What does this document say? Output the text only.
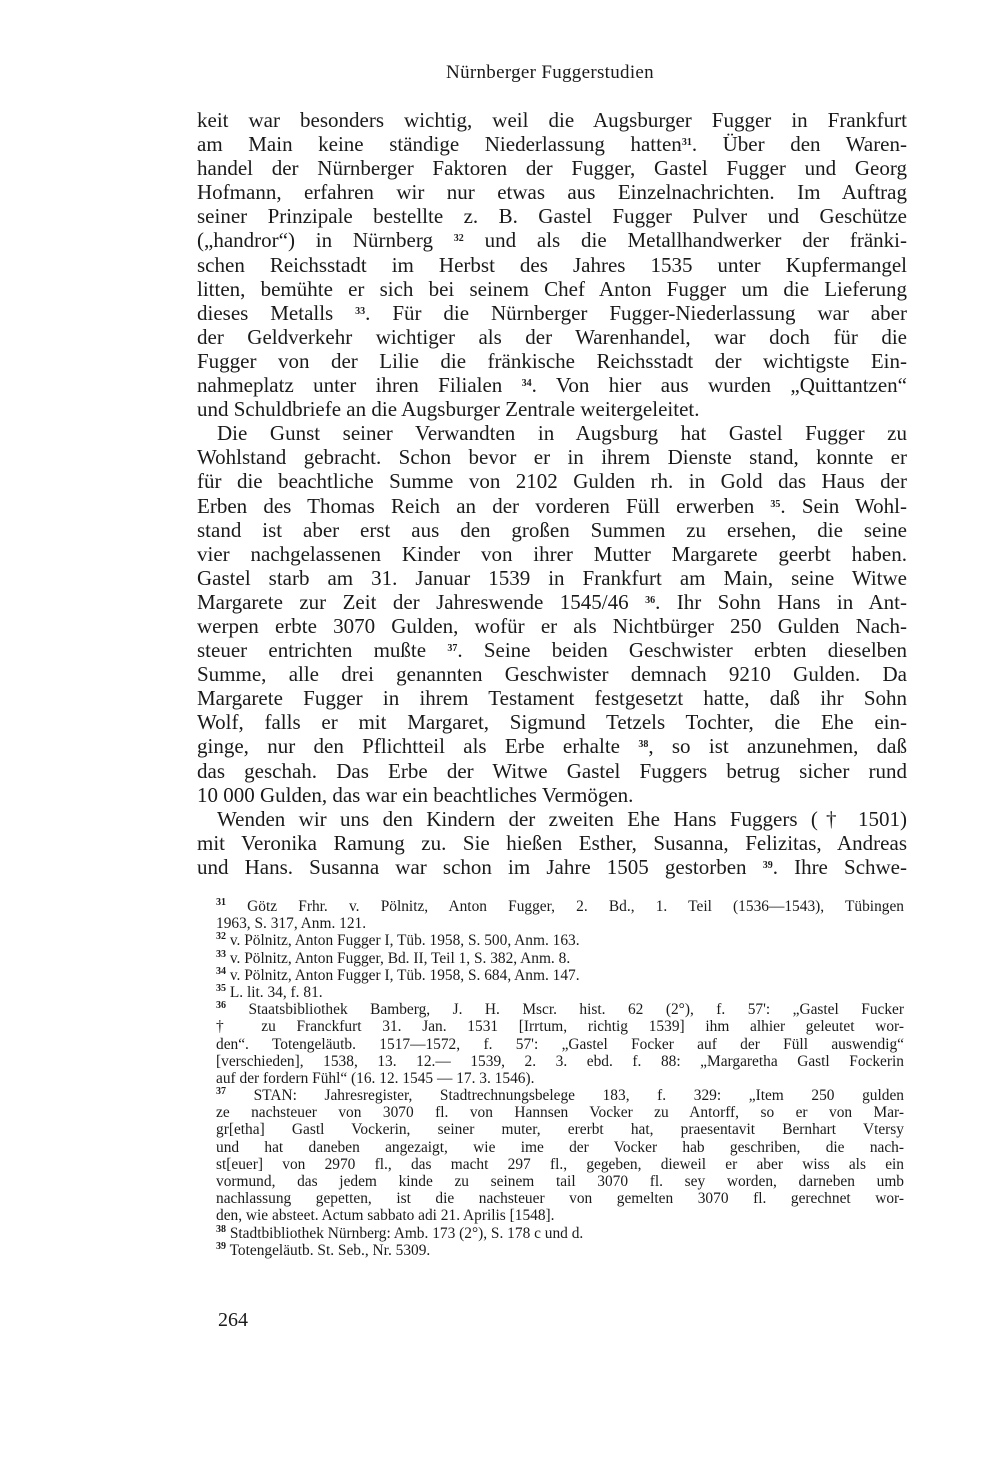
Nürnberger Fuggerstudien
keit war besonders wichtig, weil die Augsburger Fugger in Frankfurt
am Main keine ständige Niederlassung hatten$^{31}$. Über den Waren-
handel der Nürnberger Faktoren der Fugger, Gastel Fugger und Georg
Hofmann, erfahren wir nur etwas aus Einzelnachrichten. Im Auftrag
seiner Prinzipale bestellte z. B. Gastel Fugger Pulver und Geschütze
(„handror“) in Nürnberg $^{32}$ und als die Metallhandwerker der fränki-
schen Reichsstadt im Herbst des Jahres 1535 unter Kupfermangel
litten, bemühte er sich bei seinem Chef Anton Fugger um die Lieferung
dieses Metalls $^{33}$. Für die Nürnberger Fugger-Niederlassung war aber
der Geldverkehr wichtiger als der Warenhandel, war doch für die
Fugger von der Lilie die fränkische Reichsstadt der wichtigste Ein-
nahmeplatz unter ihren Filialen $^{34}$. Von hier aus wurden „Quittantzen“
und Schuldbriefe an die Augsburger Zentrale weitergeleitet.
Die Gunst seiner Verwandten in Augsburg hat Gastel Fugger zu
Wohlstand gebracht. Schon bevor er in ihrem Dienste stand, konnte er
für die beachtliche Summe von 2102 Gulden rh. in Gold das Haus der
Erben des Thomas Reich an der vorderen Füll erwerben $^{35}$. Sein Wohl-
stand ist aber erst aus den großen Summen zu ersehen, die seine
vier nachgelassenen Kinder von ihrer Mutter Margarete geerbt haben.
Gastel starb am 31. Januar 1539 in Frankfurt am Main, seine Witwe
Margarete zur Zeit der Jahreswende 1545/46 $^{36}$. Ihr Sohn Hans in Ant-
werpen erbte 3070 Gulden, wofür er als Nichtbürger 250 Gulden Nach-
steuer entrichten mußte $^{37}$. Seine beiden Geschwister erbten dieselben
Summe, alle drei genannten Geschwister demnach 9210 Gulden. Da
Margarete Fugger in ihrem Testament festgesetzt hatte, daß ihr Sohn
Wolf, falls er mit Margaret, Sigmund Tetzels Tochter, die Ehe ein-
ginge, nur den Pflichtteil als Erbe erhalte $^{38}$, so ist anzunehmen, daß
das geschah. Das Erbe der Witwe Gastel Fuggers betrug sicher rund
10 000 Gulden, das war ein beachtliches Vermögen.
Wenden wir uns den Kindern der zweiten Ehe Hans Fuggers († 1501)
mit Veronika Ramung zu. Sie hießen Esther, Susanna, Felizitas, Andreas
und Hans. Susanna war schon im Jahre 1505 gestorben $^{39}$. Ihre Schwe-
$^{31}$ Götz Frhr. v. Pölnitz, Anton Fugger, 2. Bd., 1. Teil (1536—1543), Tübingen
1963, S. 317, Anm. 121.
$^{32}$ v. Pölnitz, Anton Fugger I, Tüb. 1958, S. 500, Anm. 163.
$^{33}$ v. Pölnitz, Anton Fugger, Bd. II, Teil 1, S. 382, Anm. 8.
$^{34}$ v. Pölnitz, Anton Fugger I, Tüb. 1958, S. 684, Anm. 147.
$^{35}$ L. lit. 34, f. 81.
$^{36}$ Staatsbibliothek Bamberg, J. H. Mscr. hist. 62 (2°), f. 57': „Gastel Fucker
† zu Franckfurt 31. Jan. 1531 [Irrtum, richtig 1539] ihm alhier geleutet wor-
den“. Totengeläutb. 1517—1572, f. 57': „Gastel Focker auf der Füll auswendig“
[verschieden], 1538, 13. 12.— 1539, 2. 3. ebd. f. 88: „Margaretha Gastl Fockerin
auf der fordern Fühl“ (16. 12. 1545 — 17. 3. 1546).
$^{37}$ STAN: Jahresregister, Stadtrechnungsbelege 183, f. 329: „Item 250 gulden
ze nachsteuer von 3070 fl. von Hannsen Vocker zu Antorff, so er von Mar-
gr[etha] Gastl Vockerin, seiner muter, ererbt hat, praesentavit Bernhart Vtersy
und hat daneben angezaigt, wie ime der Vocker hab geschriben, die nach-
st[euer] von 2970 fl., das macht 297 fl., gegeben, dieweil er aber wiss als ein
vormund, das jedem kinde zu seinem tail 3070 fl. sey worden, darneben umb
nachlassung gepetten, ist die nachsteuer von gemelten 3070 fl. gerechnet wor-
den, wie absteet. Actum sabbato adi 21. Aprilis [1548].
$^{38}$ Stadtbibliothek Nürnberg: Amb. 173 (2°), S. 178 c und d.
$^{39}$ Totengeläutb. St. Seb., Nr. 5309.
264
